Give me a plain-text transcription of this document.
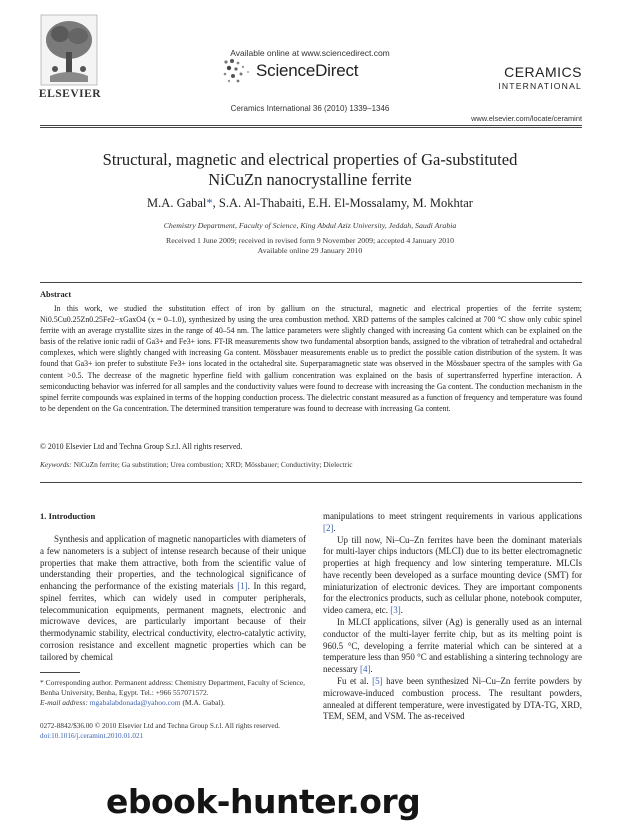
ELSEVIER
Available online at www.sciencedirect.com
ScienceDirect
Ceramics International 36 (2010) 1339–1346
CERAMICS
INTERNATIONAL
www.elsevier.com/locate/ceramint
Structural, magnetic and electrical properties of Ga-substituted
NiCuZn nanocrystalline ferrite
M.A. Gabal*, S.A. Al-Thabaiti, E.H. El-Mossalamy, M. Mokhtar
Chemistry Department, Faculty of Science, King Abdul Aziz University, Jeddah, Saudi Arabia
Received 1 June 2009; received in revised form 9 November 2009; accepted 4 January 2010
Available online 29 January 2010
Abstract

In this work, we studied the substitution effect of iron by gallium on the structural, magnetic and electrical properties of the ferrite system; Ni0.5Cu0.25Zn0.25Fe2−xGaxO4 (x = 0–1.0), synthesized by using the urea combustion method. XRD patterns of the samples calcined at 700 °C show only cubic spinel ferrite with an average crystallite sizes in the range of 40–54 nm. The lattice parameters were slightly changed with increasing Ga content which can be explained on the basis of the relative ionic radii of Ga3+ and Fe3+ ions. FT-IR measurements show two fundamental absorption bands, assigned to the vibration of tetrahedral and octahedral complexes, which were slightly changed with increasing Ga content. Mössbauer measurements enable us to predict the possible cation distribution of the system. It was found that Ga3+ ion prefer to substitute Fe3+ ions located in the octahedral site. Superparamagnetic state was observed in the Mössbauer spectra of the samples with Ga content >0.5. The decrease of the magnetic hyperfine field with gallium concentration was explained on the basis of supertransferred hyperfine interaction. A semiconducting behavior was inferred for all samples and the conductivity values were found to decrease with increasing the Ga content. The conduction mechanism in the spinel ferrite compounds was explained in terms of the hopping conduction process. The dielectric constant measured as a function of frequency and temperature was found to be dependent on the Ga concentration. The determined transition temperature was found to decrease with increasing Ga content.

© 2010 Elsevier Ltd and Techna Group S.r.l. All rights reserved.
Keywords: NiCuZn ferrite; Ga substitution; Urea combustion; XRD; Mössbauer; Conductivity; Dielectric
1. Introduction

Synthesis and application of magnetic nanoparticles with diameters of a few nanometers is a subject of intense research because of their unique properties that make them attractive, both from the scientific value of understanding their properties, and the technological significance of enhancing the performance of the existing materials [1]. In this regard, spinel ferrites, which can widely used in computer peripherals, telecommunication equipments, permanent magnets, electronic and microwave devices, are particularly important because of their thermodynamic stability, electrical conductivity, electro-catalytic activity, corrosion resistance and excellent magnetic properties which can be tailored by chemical

manipulations to meet stringent requirements in various applications [2].

Up till now, Ni–Cu–Zn ferrites have been the dominant materials for multi-layer chips inductors (MLCI) due to its better electromagnetic properties at high frequency and low sintering temperature. MLCIs have recently been developed as a surface mounting device (SMT) for miniaturization of electronic devices. They are important components for the electronics products, such as cellular phone, notebook computer, video camera, etc. [3].

In MLCI applications, silver (Ag) is generally used as an internal conductor of the multi-layer ferrite chip, but as its melting point is 960.5 °C, developing a ferrite material which can be sintered at a temperature less than 950 °C and establishing a sintering technology are necessary [4].

Fu et al. [5] have been synthesized Ni–Cu–Zn ferrite powders by microwave-induced combustion process. The resultant powders, annealed at different temperature, were investigated by DTA-TG, XRD, TEM, SEM, and VSM. The as-received

* Corresponding author. Permanent address: Chemistry Department, Faculty of Science, Benha University, Benha, Egypt. Tel.: +966 557071572.
E-mail address: mgabalabdonada@yahoo.com (M.A. Gabal).
0272-8842/$36.00 © 2010 Elsevier Ltd and Techna Group S.r.l. All rights reserved.
doi:10.1016/j.ceramint.2010.01.021
ebook-hunter.org
